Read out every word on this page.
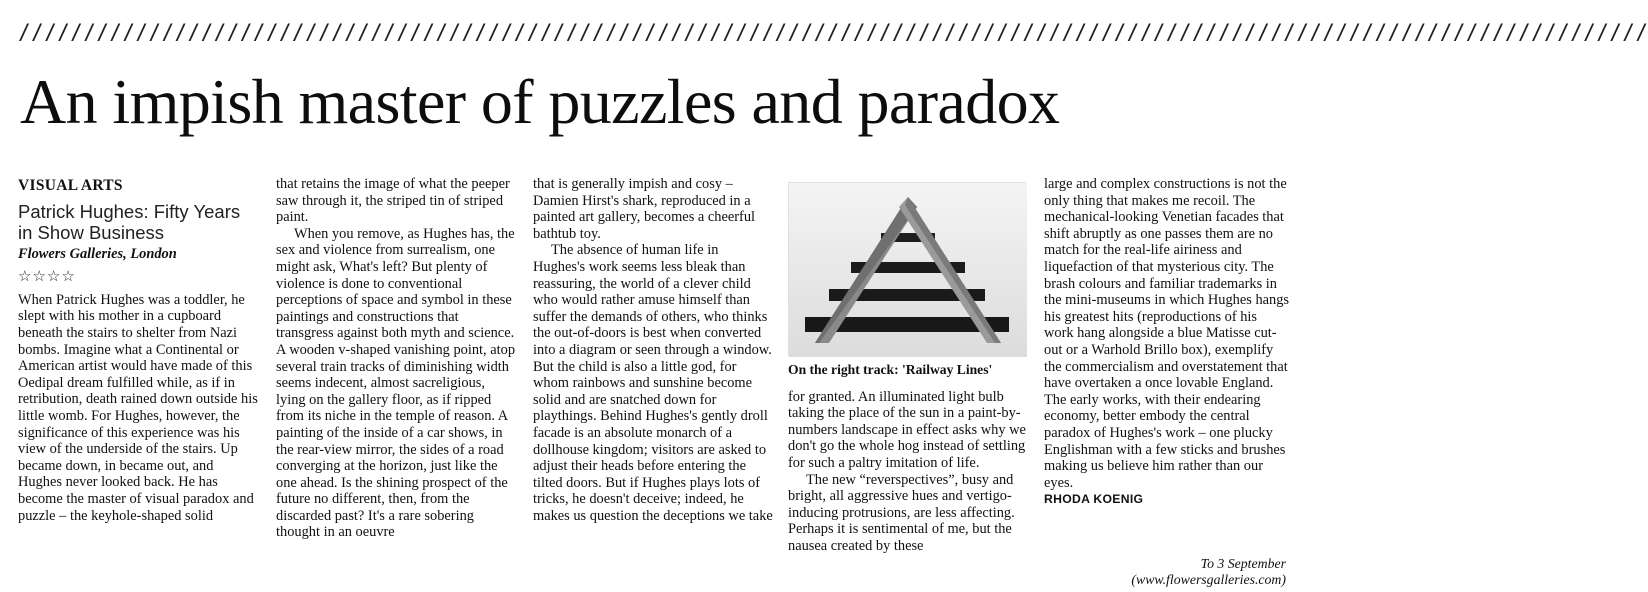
/////////////////////////////////////////////////////////////////////////////////////////////////////////////////////////////
An impish master of puzzles and paradox

VISUAL ARTS

Patrick Hughes: Fifty Years in Show Business

Flowers Galleries, London

☆☆☆☆

When Patrick Hughes was a toddler, he slept with his mother in a cupboard beneath the stairs to shelter from Nazi bombs. Imagine what a Continental or American artist would have made of this Oedipal dream fulfilled while, as if in retribution, death rained down outside his little womb. For Hughes, however, the significance of this experience was his view of the underside of the stairs. Up became down, in became out, and Hughes never looked back. He has become the master of visual paradox and puzzle – the keyhole-shaped solid

that retains the image of what the peeper saw through it, the striped tin of striped paint.

When you remove, as Hughes has, the sex and violence from surrealism, one might ask, What's left? But plenty of violence is done to conventional perceptions of space and symbol in these paintings and constructions that transgress against both myth and science. A wooden v-shaped vanishing point, atop several train tracks of diminishing width seems indecent, almost sacreligious, lying on the gallery floor, as if ripped from its niche in the temple of reason. A painting of the inside of a car shows, in the rear-view mirror, the sides of a road converging at the horizon, just like the one ahead. Is the shining prospect of the future no different, then, from the discarded past? It's a rare sobering thought in an oeuvre

that is generally impish and cosy – Damien Hirst's shark, reproduced in a painted art gallery, becomes a cheerful bathtub toy.

The absence of human life in Hughes's work seems less bleak than reassuring, the world of a clever child who would rather amuse himself than suffer the demands of others, who thinks the out-of-doors is best when converted into a diagram or seen through a window. But the child is also a little god, for whom rainbows and sunshine become solid and are snatched down for playthings. Behind Hughes's gently droll facade is an absolute monarch of a dollhouse kingdom; visitors are asked to adjust their heads before entering the tilted doors. But if Hughes plays lots of tricks, he doesn't deceive; indeed, he makes us question the deceptions we take

On the right track: 'Railway Lines'

for granted. An illuminated light bulb taking the place of the sun in a paint-by-numbers landscape in effect asks why we don't go the whole hog instead of settling for such a paltry imitation of life.

The new “reverspectives”, busy and bright, all aggressive hues and vertigo-inducing protrusions, are less affecting. Perhaps it is sentimental of me, but the nausea created by these

large and complex constructions is not the only thing that makes me recoil. The mechanical-looking Venetian facades that shift abruptly as one passes them are no match for the real-life airiness and liquefaction of that mysterious city. The brash colours and familiar trademarks in the mini-museums in which Hughes hangs his greatest hits (reproductions of his work hang alongside a blue Matisse cut-out or a Warhold Brillo box), exemplify the commercialism and overstatement that have overtaken a once lovable England. The early works, with their endearing economy, better embody the central paradox of Hughes's work – one plucky Englishman with a few sticks and brushes making us believe him rather than our eyes.

RHODA KOENIG

To 3 September (www.flowersgalleries.com)
